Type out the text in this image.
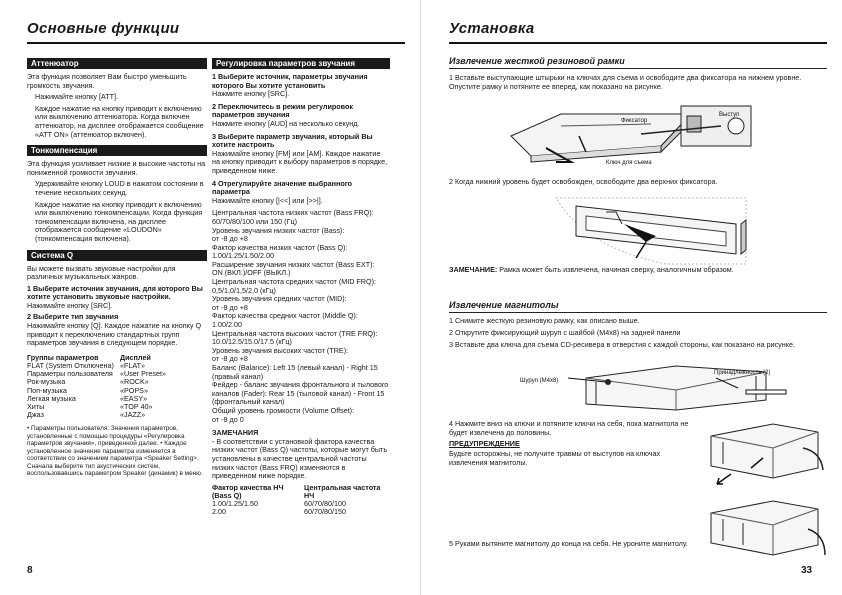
Основные функции
Аттенюатор

Эта функция позволяет Вам быстро уменьшить громкость звучания.

Нажимайте кнопку [ATT].

Каждое нажатие на кнопку приводит к включению или выключению аттенюатора. Когда включен аттенюатор, на дисплее отображается сообщение «ATT ON» (аттенюатор включен).

Тонкомпенсация

Эта функция усиливает низкие и высокие частоты на пониженной громкости звучания.

Удерживайте кнопку LOUD в нажатом состоянии в течение нескольких секунд.

Каждое нажатие на кнопку приводит к включению или выключению тонкомпенсации. Когда функция тонкомпенсации включена, на дисплее отображается сообщение «LOUDON» (тонкомпенсация включена).

Система Q

Вы можете вызвать звуковые настройки для различных музыкальных жанров.

1 Выберите источник звучания, для которого Вы хотите установить звуковые настройки.

Нажимайте кнопку [SRC].

2 Выберите тип звучания

Нажимайте кнопку [Q]. Каждое нажатие на кнопку Q приводит к переключению стандартных групп параметров звучания в следующем порядке.

Группы параметров	Дисплей
FLAT (System Отключена) «FLAT»
Параметры пользователя «User Preset»
Рок-музыка	«ROCK»
Поп-музыка	«POPS»
Легкая музыка	«EASY»
Хиты	«TOP 40»
Джаз	«JAZZ»

• Параметры пользователя: Значения параметров, установленные с помощью процедуры «Регулировка параметров звучания», приведенной далее. • Каждое установленное значение параметра изменяется в соответствии со значением параметра <Speaker Setting>. Сначала выберите тип акустических систем, воспользовавшись параметром Speaker (динамик) в меню.

Регулировка параметров звучания

1 Выберите источник, параметры звучания которого Вы хотите установить

Нажмите кнопку [SRC].

2 Переключитесь в режим регулировок параметров звучания

Нажмите кнопку [AUD] на несколько секунд.

3 Выберите параметр звучания, который Вы хотите настроить

Нажимайте кнопку [FM] или [AM]. Каждое нажатие на кнопку приводит к выбору параметров в порядке, приведенном ниже.

4 Отрегулируйте значение выбранного параметра

Нажимайте кнопку [|<<] или [>>|].

Центральная частота низких частот (Bass FRQ):
60/70/80/100 или 150 (Гц)
Уровень звучания низких частот (Bass):
от -8 до +8
Фактор качества низких частот (Bass Q):
1.00/1.25/1.50/2.00
Расширение звучания низких частот (Bass EXT):
ON (ВКЛ.)/OFF (ВЫКЛ.)
Центральная частота средних частот (MID FRQ):
0,5/1,0/1,5/2,0 (кГц)
Уровень звучания средних частот (MID):
от -8 до +8
Фактор качества средних частот (Middle Q):
1.00/2.00
Центральная частота высоких частот (TRE FRQ):
10.0/12.5/15.0/17.5 (кГц)
Уровень звучания высоких частот (TRE):
от -8 до +8
Баланс (Balance): Left 15 (левый канал) - Right 15 (правый канал)
Фейдер - баланс звучания фронтального и тылового каналов (Fader): Rear 15 (тыловой канал) - Front 15 (фронтальный канал)
Общий уровень громкости (Volume Offset):
от -8 до 0

ЗАМЕЧАНИЯ

- В соответствии с установкой фактора качества низких частот (Bass Q) частоты, которые могут быть установлены в качестве центральной частоты низких частот (Bass FRQ) изменяются в приведенном ниже порядке.

Фактор качества НЧ (Bass Q)
Центральная частота НЧ
1.00/1.25/1.50	60/70/80/100
2.00	60/70/80/150
8
Установка
Извлечение жесткой резиновой рамки
1 Вставьте выступающие штырьки на ключах для съема и освободите два фиксатора на нижнем уровне. Опустите рамку и потяните ее вперед, как показано на рисунке.
Фиксатор
Выступ
Ключ для съема
2 Когда нижний уровень будет освобожден, освободите два верхних фиксатора.
ЗАМЕЧАНИЕ: Рамка может быть извлечена, начиная сверху, аналогичным образом.
Извлечение магнитолы
1 Снимите жесткую резиновую рамку, как описано выше.
2 Открутите фиксирующий шуруп с шайбой (M4x8) на задней панели
3 Вставьте два ключа для съема CD-ресивера в отверстия с каждой стороны, как показано на рисунке.
Шуруп (M4x8)
Принадлежность (2)
4 Нажмите вниз на ключи и потяните ключи на себя, пока магнитола не будет извлечена до половины.
ПРЕДУПРЕЖДЕНИЕ
Будьте осторожны, не получите травмы от выступов на ключах извлечения магнитолы.
5 Руками вытяните магнитолу до конца на себя. Не уроните магнитолу.
33
